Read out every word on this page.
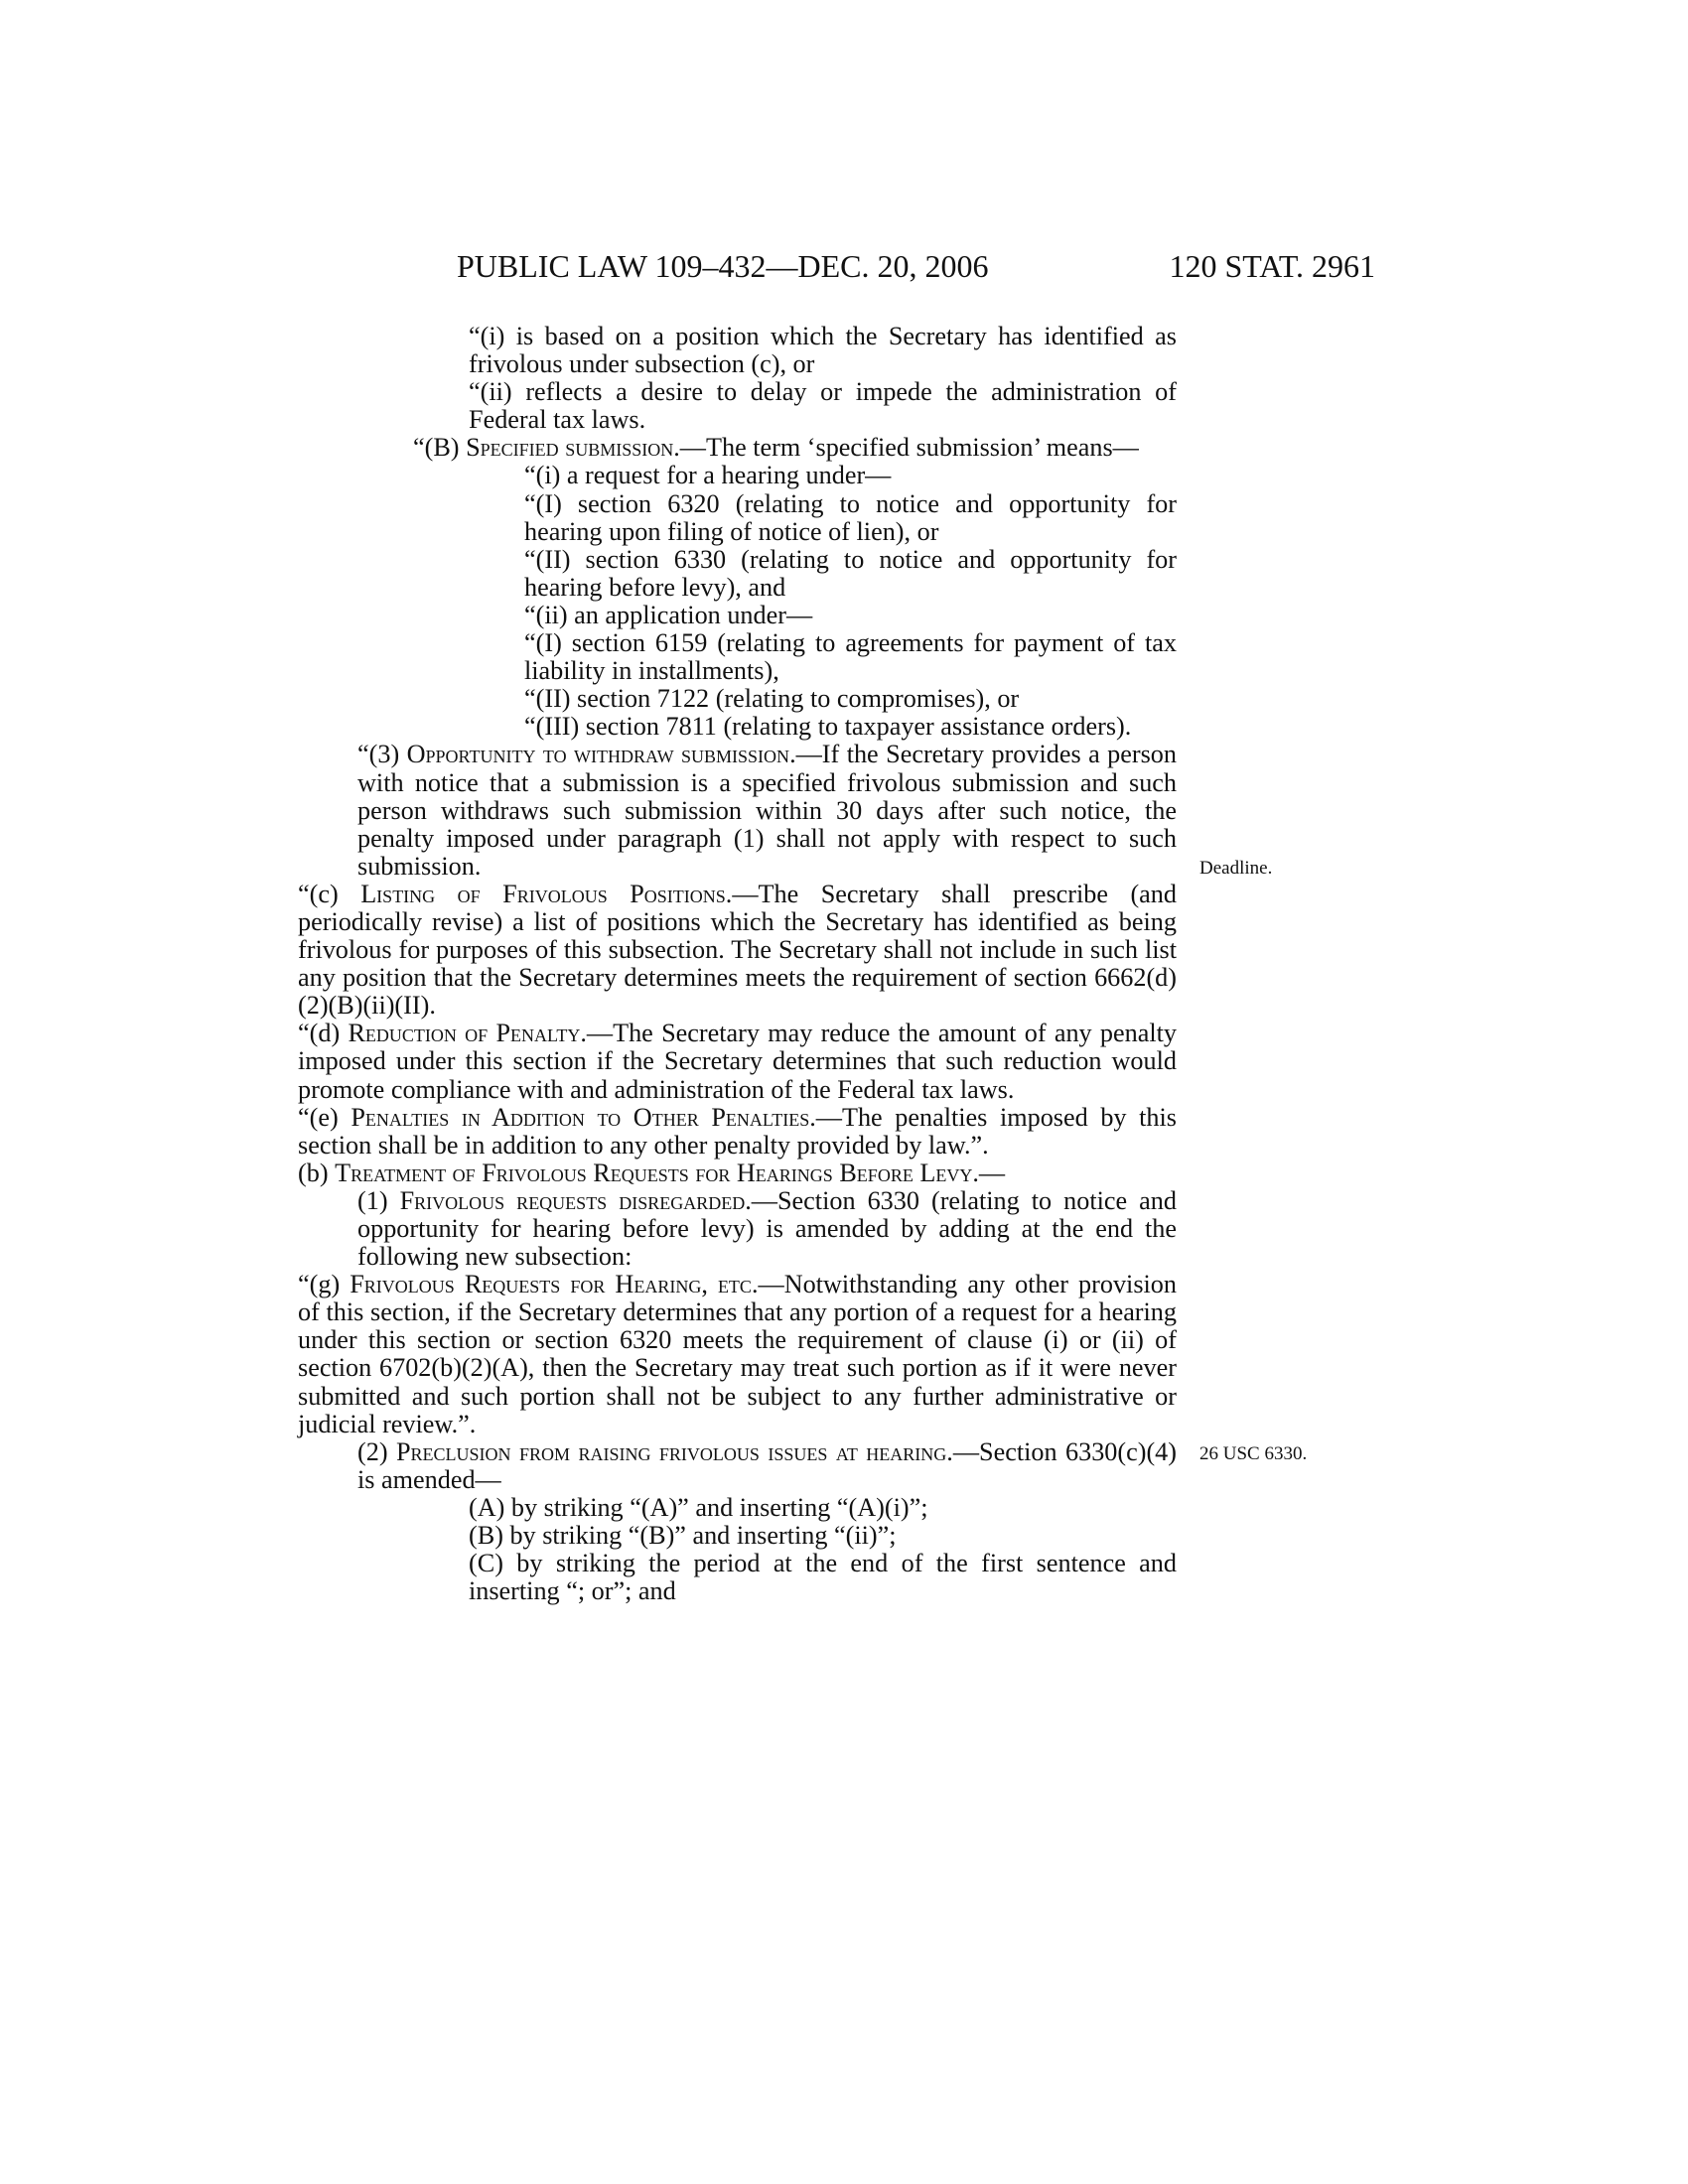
PUBLIC LAW 109–432—DEC. 20, 2006	120 STAT. 2961
Deadline.
26 USC 6330.

“(i) is based on a position which the Secretary has identified as frivolous under subsection (c), or

“(ii) reflects a desire to delay or impede the administration of Federal tax laws.

“(B) Specified submission.—The term ‘specified submission’ means—

“(i) a request for a hearing under—

“(I) section 6320 (relating to notice and opportunity for hearing upon filing of notice of lien), or

“(II) section 6330 (relating to notice and opportunity for hearing before levy), and

“(ii) an application under—

“(I) section 6159 (relating to agreements for payment of tax liability in installments),

“(II) section 7122 (relating to compromises), or

“(III) section 7811 (relating to taxpayer assistance orders).

“(3) Opportunity to withdraw submission.—If the Secretary provides a person with notice that a submission is a specified frivolous submission and such person withdraws such submission within 30 days after such notice, the penalty imposed under paragraph (1) shall not apply with respect to such submission.

“(c) Listing of Frivolous Positions.—The Secretary shall prescribe (and periodically revise) a list of positions which the Secretary has identified as being frivolous for purposes of this subsection. The Secretary shall not include in such list any position that the Secretary determines meets the requirement of section 6662(d)(2)(B)(ii)(II).

“(d) Reduction of Penalty.—The Secretary may reduce the amount of any penalty imposed under this section if the Secretary determines that such reduction would promote compliance with and administration of the Federal tax laws.

“(e) Penalties in Addition to Other Penalties.—The penalties imposed by this section shall be in addition to any other penalty provided by law.”.

(b) Treatment of Frivolous Requests for Hearings Before Levy.—

(1) Frivolous requests disregarded.—Section 6330 (relating to notice and opportunity for hearing before levy) is amended by adding at the end the following new subsection:

“(g) Frivolous Requests for Hearing, etc.—Notwithstanding any other provision of this section, if the Secretary determines that any portion of a request for a hearing under this section or section 6320 meets the requirement of clause (i) or (ii) of section 6702(b)(2)(A), then the Secretary may treat such portion as if it were never submitted and such portion shall not be subject to any further administrative or judicial review.”.

(2) Preclusion from raising frivolous issues at hearing.—Section 6330(c)(4) is amended—

(A) by striking “(A)” and inserting “(A)(i)”;

(B) by striking “(B)” and inserting “(ii)”;

(C) by striking the period at the end of the first sentence and inserting “; or”; and
